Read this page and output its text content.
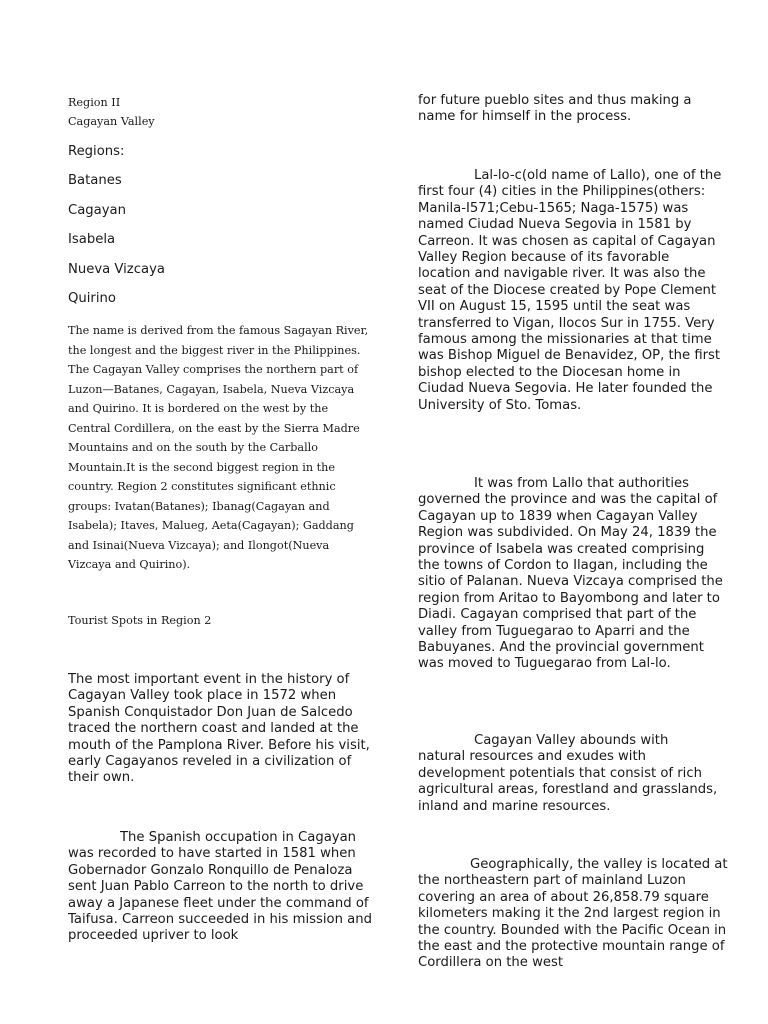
Region II

Cagayan Valley

Regions:

Batanes

Cagayan

Isabela

Nueva Vizcaya

Quirino

The name is derived from the famous Sagayan River, the longest and the biggest river in the Philippines. The Cagayan Valley comprises the northern part of Luzon—Batanes, Cagayan, Isabela, Nueva Vizcaya and Quirino. It is bordered on the west by the Central Cordillera, on the east by the Sierra Madre Mountains and on the south by the Carballo Mountain.It is the second biggest region in the country. Region 2 constitutes significant ethnic groups: Ivatan(Batanes); Ibanag(Cagayan and Isabela); Itaves, Malueg, Aeta(Cagayan); Gaddang and Isinai(Nueva Vizcaya); and Ilongot(Nueva Vizcaya and Quirino).

Tourist Spots in Region 2

The most important event in the history of Cagayan Valley took place in 1572 when Spanish Conquistador Don Juan de Salcedo traced the northern coast and landed at the mouth of the Pamplona River. Before his visit, early Cagayanos reveled in a civilization of their own.

The Spanish occupation in Cagayan was recorded to have started in 1581 when Gobernador Gonzalo Ronquillo de Penaloza sent Juan Pablo Carreon to the north to drive away a Japanese fleet under the command of Taifusa. Carreon succeeded in his mission and proceeded upriver to look

for future pueblo sites and thus making a name for himself in the process.

Lal-lo-c(old name of Lallo), one of the first four (4) cities in the Philippines(others: Manila-I571;Cebu-1565; Naga-1575) was named Ciudad Nueva Segovia in 1581 by Carreon. It was chosen as capital of Cagayan Valley Region because of its favorable location and navigable river. It was also the seat of the Diocese created by Pope Clement VII on August 15, 1595 until the seat was transferred to Vigan, Ilocos Sur in 1755. Very famous among the missionaries at that time was Bishop Miguel de Benavidez, OP, the first bishop elected to the Diocesan home in Ciudad Nueva Segovia. He later founded the University of Sto. Tomas.

It was from Lallo that authorities governed the province and was the capital of Cagayan up to 1839 when Cagayan Valley Region was subdivided. On May 24, 1839 the province of Isabela was created comprising the towns of Cordon to Ilagan, including the sitio of Palanan. Nueva Vizcaya comprised the region from Aritao to Bayombong and later to Diadi. Cagayan comprised that part of the valley from Tuguegarao to Aparri and the Babuyanes. And the provincial government was moved to Tuguegarao from Lal-lo.

Cagayan Valley abounds with natural resources and exudes with development potentials that consist of rich agricultural areas, forestland and grasslands, inland and marine resources.

Geographically, the valley is located at the northeastern part of mainland Luzon covering an area of about 26,858.79 square kilometers making it the 2nd largest region in the country. Bounded with the Pacific Ocean in the east and the protective mountain range of Cordillera on the west
